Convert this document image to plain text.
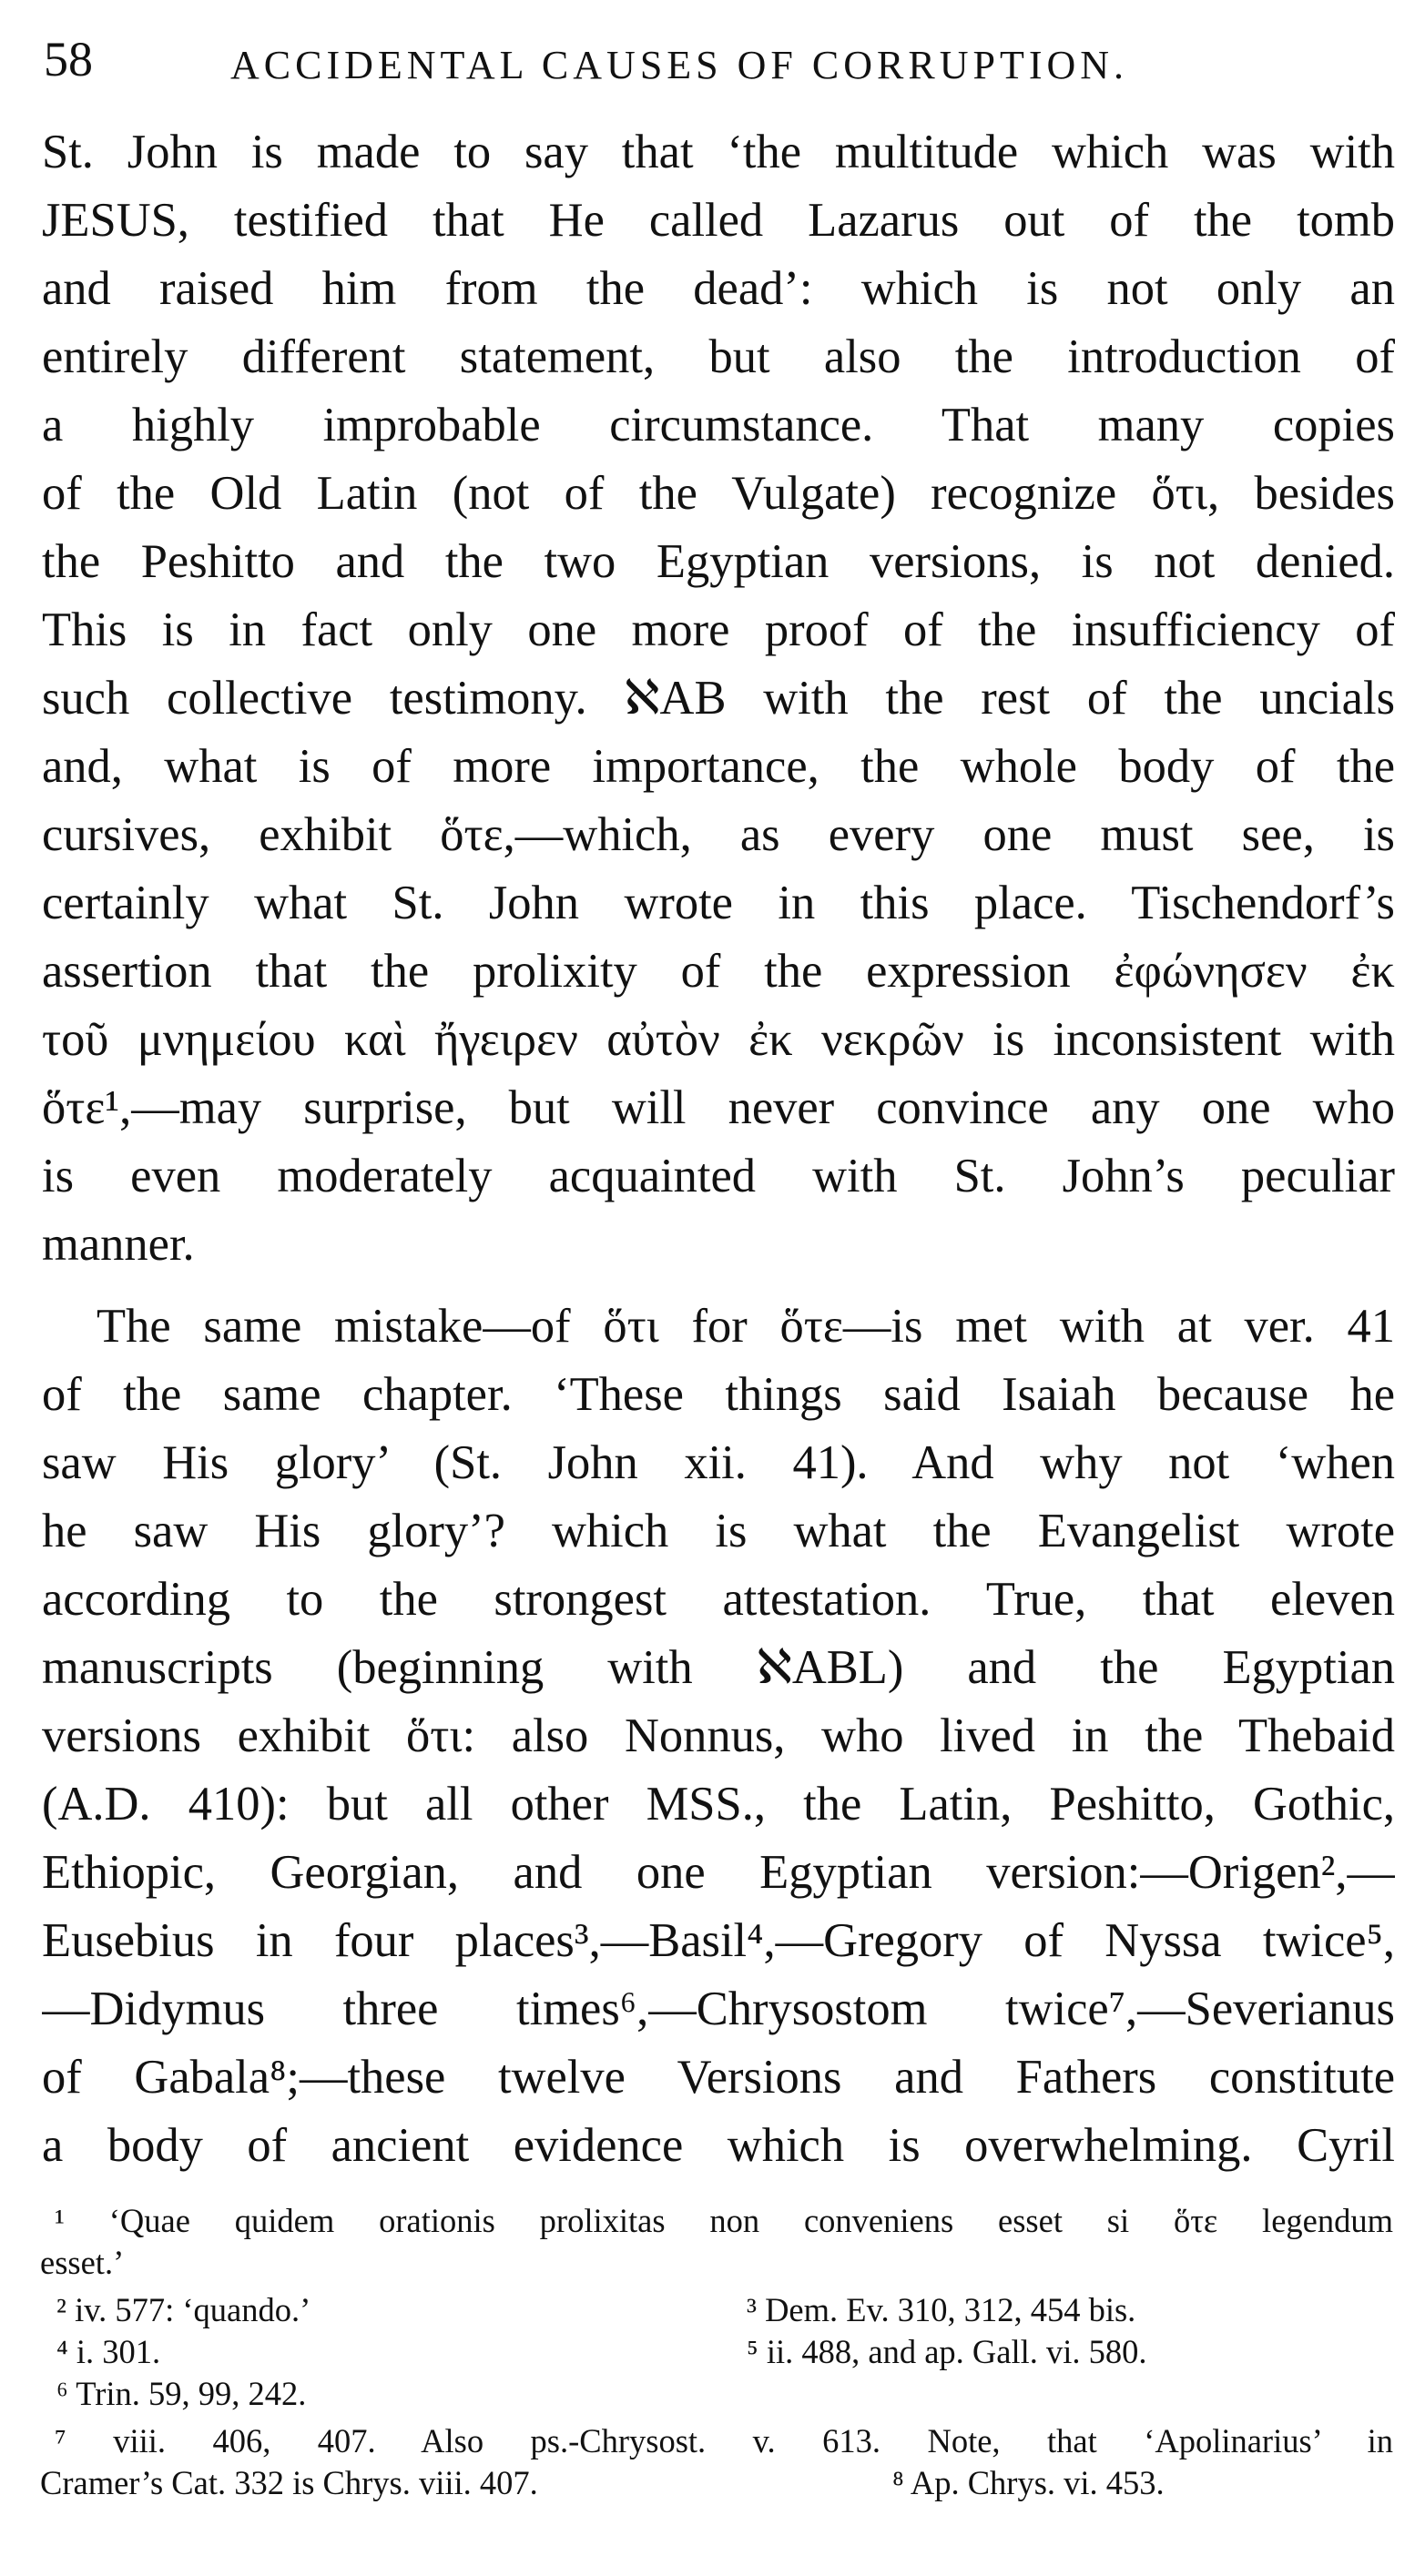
58	ACCIDENTAL CAUSES OF CORRUPTION.
St. John is made to say that ‘the multitude which was with
JESUS, testified that He called Lazarus out of the tomb
and raised him from the dead’: which is not only an
entirely different statement, but also the introduction of
a highly improbable circumstance. That many copies
of the Old Latin (not of the Vulgate) recognize ὅτι, besides
the Peshitto and the two Egyptian versions, is not denied.
This is in fact only one more proof of the insufficiency of
such collective testimony. ℵAB with the rest of the uncials
and, what is of more importance, the whole body of the
cursives, exhibit ὅτε,—which, as every one must see, is
certainly what St. John wrote in this place. Tischendorf’s
assertion that the prolixity of the expression ἐφώνησεν ἐκ
τοῦ μνημείου καὶ ἤγειρεν αὐτὸν ἐκ νεκρῶν is inconsistent with
ὅτε¹,—may surprise, but will never convince any one who
is even moderately acquainted with St. John’s peculiar
manner.
The same mistake—of ὅτι for ὅτε—is met with at ver. 41
of the same chapter. ‘These things said Isaiah because he
saw His glory’ (St. John xii. 41). And why not ‘when
he saw His glory’? which is what the Evangelist wrote
according to the strongest attestation. True, that eleven
manuscripts (beginning with ℵABL) and the Egyptian
versions exhibit ὅτι: also Nonnus, who lived in the Thebaid
(A.D. 410): but all other MSS., the Latin, Peshitto, Gothic,
Ethiopic, Georgian, and one Egyptian version:—Origen²,—
Eusebius in four places³,—Basil⁴,—Gregory of Nyssa twice⁵,
—Didymus three times⁶,—Chrysostom twice⁷,—Severianus
of Gabala⁸;—these twelve Versions and Fathers constitute
a body of ancient evidence which is overwhelming. Cyril
¹ ‘Quae quidem orationis prolixitas non conveniens esset si ὅτε legendum
esset.’
² iv. 577: ‘quando.’	³ Dem. Ev. 310, 312, 454 bis.
⁴ i. 301.	⁵ ii. 488, and ap. Gall. vi. 580.
⁶ Trin. 59, 99, 242.
⁷ viii. 406, 407. Also ps.-Chrysost. v. 613. Note, that ‘Apolinarius’ in
Cramer’s Cat. 332 is Chrys. viii. 407.	⁸ Ap. Chrys. vi. 453.
